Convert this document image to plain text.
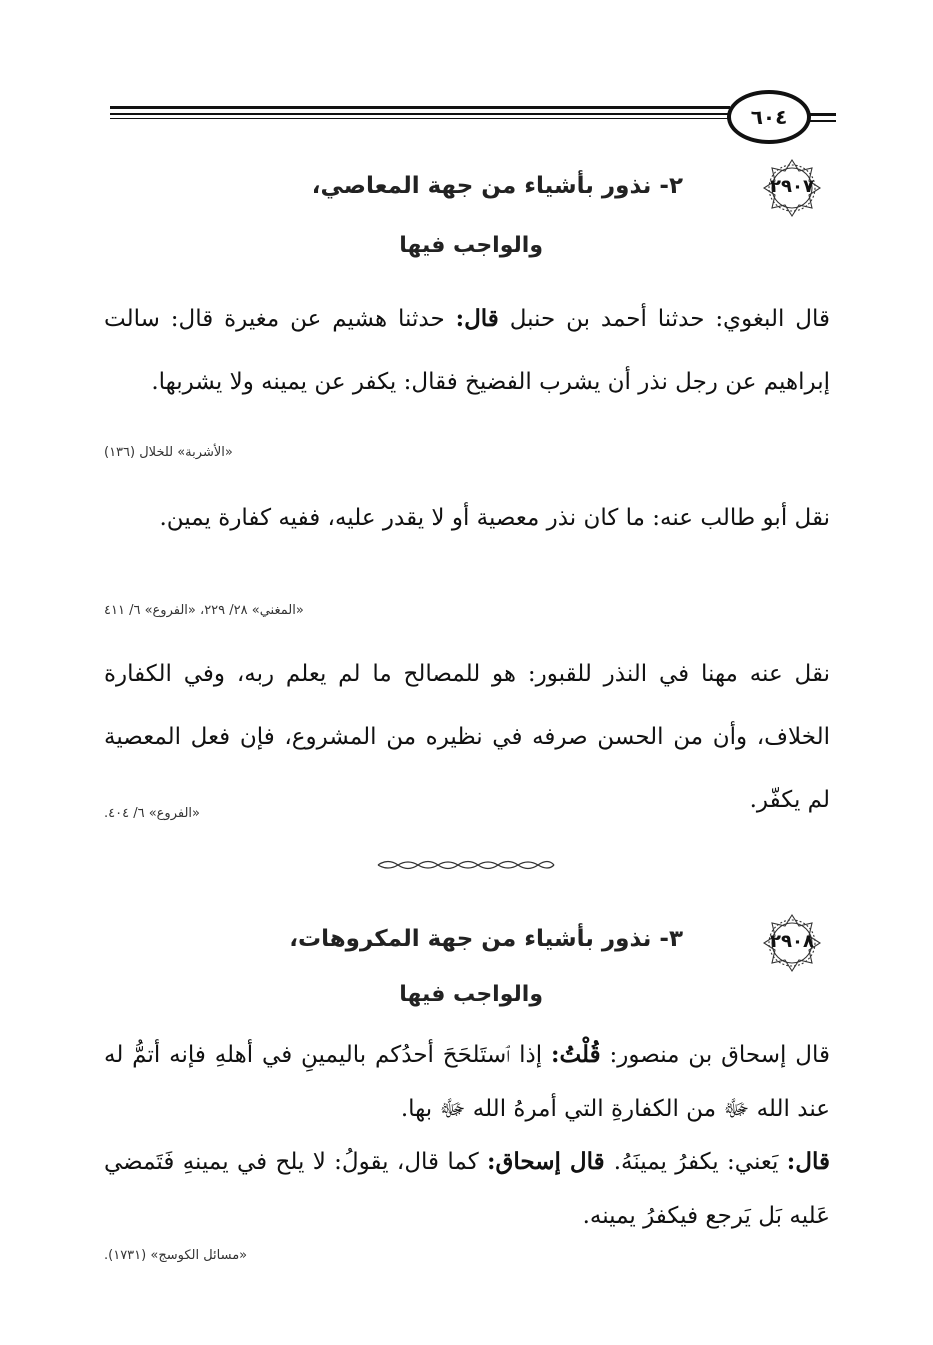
٦٠٤
٢٩٠٧
٢- نذور بأشياء من جهة المعاصي،
والواجب فيها

قال البغوي: حدثنا أحمد بن حنبل قال: حدثنا هشيم عن مغيرة قال: سالت إبراهيم عن رجل نذر أن يشرب الفضيخ فقال: يكفر عن يمينه ولا يشربها.

«الأشربة» للخلال (١٣٦)

نقل أبو طالب عنه: ما كان نذر معصية أو لا يقدر عليه، ففيه كفارة يمين.

«المغني» ٢٨/ ٢٢٩، «الفروع» ٦/ ٤١١

نقل عنه مهنا في النذر للقبور: هو للمصالح ما لم يعلم ربه، وفي الكفارة الخلاف، وأن من الحسن صرفه في نظيره من المشروع، فإن فعل المعصية لم يكفّر.

«الفروع» ٦/ ٤٠٤.
٢٩٠٨
٣- نذور بأشياء من جهة المكروهات،
والواجب فيها

قال إسحاق بن منصور: قُلْتُ: إذا ٱستَلحَحَ أحدُكم باليمينِ في أهلهِ فإنه أتمُّ له عند الله ﷻ من الكفارةِ التي أمرهُ الله ﷻ بها.

قال: يَعني: يكفرُ يمينَهُ. قال إسحاق: كما قال، يقولُ: لا يلح في يمينهِ فَتَمضي عَليه بَل يَرجع فيكفرُ يمينه.

«مسائل الكوسج» (١٧٣١).
